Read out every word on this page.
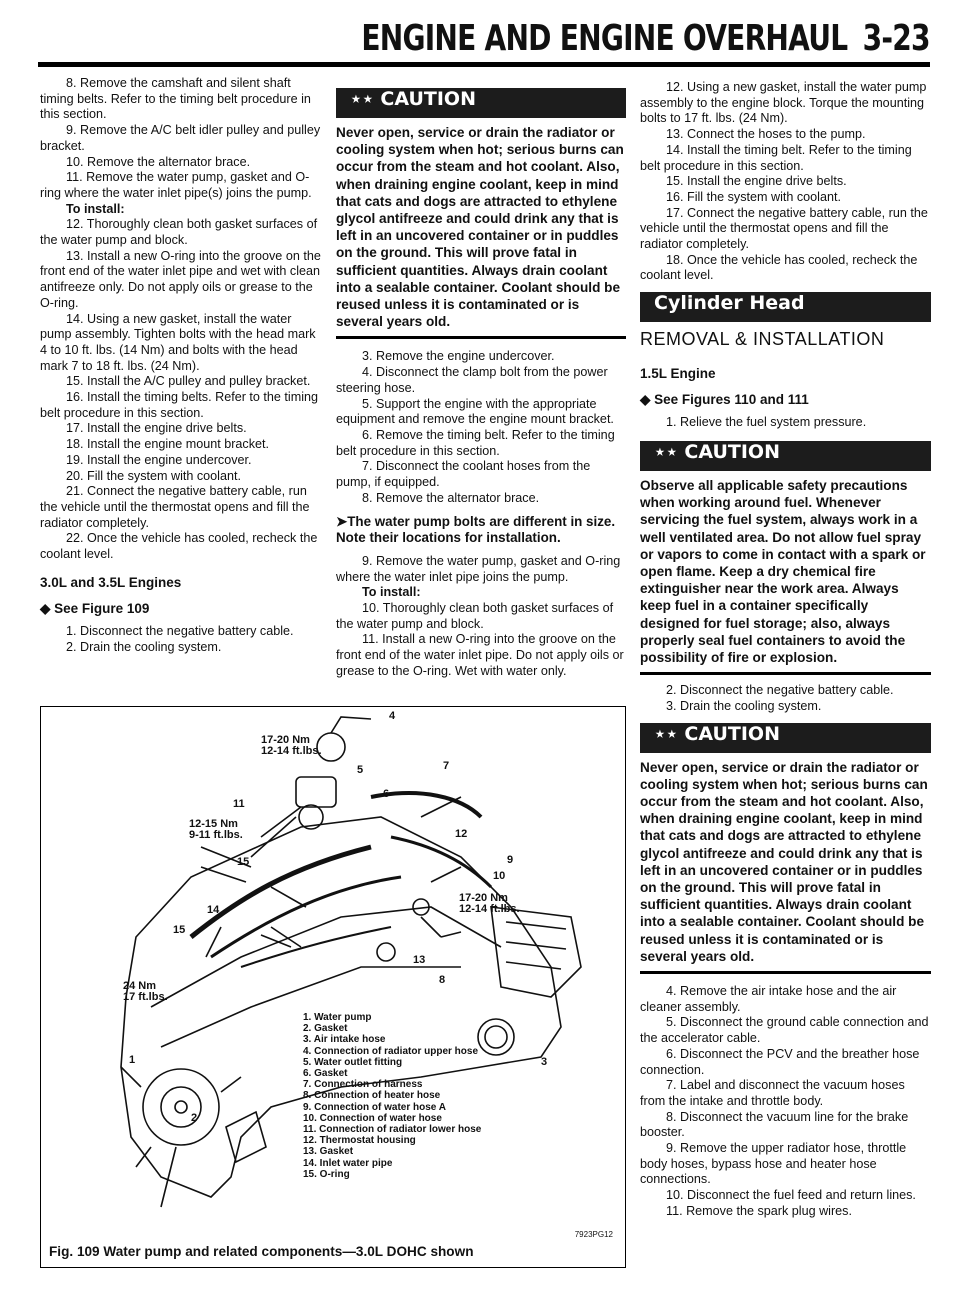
ENGINE AND ENGINE OVERHAUL 3-23

8. Remove the camshaft and silent shaft timing belts. Refer to the timing belt procedure in this section.

9. Remove the A/C belt idler pulley and pulley bracket.

10. Remove the alternator brace.

11. Remove the water pump, gasket and O-ring where the water inlet pipe(s) joins the pump.

To install:

12. Thoroughly clean both gasket surfaces of the water pump and block.

13. Install a new O-ring into the groove on the front end of the water inlet pipe and wet with clean antifreeze only. Do not apply oils or grease to the O-ring.

14. Using a new gasket, install the water pump assembly. Tighten bolts with the head mark 4 to 10 ft. lbs. (14 Nm) and bolts with the head mark 7 to 18 ft. lbs. (24 Nm).

15. Install the A/C pulley and pulley bracket.

16. Install the timing belts. Refer to the timing belt procedure in this section.

17. Install the engine drive belts.

18. Install the engine mount bracket.

19. Install the engine undercover.

20. Fill the system with coolant.

21. Connect the negative battery cable, run the vehicle until the thermostat opens and fill the radiator completely.

22. Once the vehicle has cooled, recheck the coolant level.

3.0L and 3.5L Engines

◆ See Figure 109

1. Disconnect the negative battery cable.

2. Drain the cooling system.

⋆⋆ CAUTION

Never open, service or drain the radiator or cooling system when hot; serious burns can occur from the steam and hot coolant. Also, when draining engine coolant, keep in mind that cats and dogs are attracted to ethylene glycol antifreeze and could drink any that is left in an uncovered container or in puddles on the ground. This will prove fatal in sufficient quantities. Always drain coolant into a sealable container. Coolant should be reused unless it is contaminated or is several years old.

3. Remove the engine undercover.

4. Disconnect the clamp bolt from the power steering hose.

5. Support the engine with the appropriate equipment and remove the engine mount bracket.

6. Remove the timing belt. Refer to the timing belt procedure in this section.

7. Disconnect the coolant hoses from the pump, if equipped.

8. Remove the alternator brace.

➤The water pump bolts are different in size. Note their locations for installation.

9. Remove the water pump, gasket and O-ring where the water inlet pipe joins the pump.

To install:

10. Thoroughly clean both gasket surfaces of the water pump and block.

11. Install a new O-ring into the groove on the front end of the water inlet pipe. Do not apply oils or grease to the O-ring. Wet with water only.

12. Using a new gasket, install the water pump assembly to the engine block. Torque the mounting bolts to 17 ft. lbs. (24 Nm).

13. Connect the hoses to the pump.

14. Install the timing belt. Refer to the timing belt procedure in this section.

15. Install the engine drive belts.

16. Fill the system with coolant.

17. Connect the negative battery cable, run the vehicle until the thermostat opens and fill the radiator completely.

18. Once the vehicle has cooled, recheck the coolant level.

Cylinder Head

REMOVAL & INSTALLATION

1.5L Engine

◆ See Figures 110 and 111

1. Relieve the fuel system pressure.

⋆⋆ CAUTION

Observe all applicable safety precautions when working around fuel. Whenever servicing the fuel system, always work in a well ventilated area. Do not allow fuel spray or vapors to come in contact with a spark or open flame. Keep a dry chemical fire extinguisher near the work area. Always keep fuel in a container specifically designed for fuel storage; also, always properly seal fuel containers to avoid the possibility of fire or explosion.

2. Disconnect the negative battery cable.

3. Drain the cooling system.

⋆⋆ CAUTION

Never open, service or drain the radiator or cooling system when hot; serious burns can occur from the steam and hot coolant. Also, when draining engine coolant, keep in mind that cats and dogs are attracted to ethylene glycol antifreeze and could drink any that is left in an uncovered container or in puddles on the ground. This will prove fatal in sufficient quantities. Always drain coolant into a sealable container. Coolant should be reused unless it is contaminated or is several years old.

4. Remove the air intake hose and the air cleaner assembly.

5. Disconnect the ground cable connection and the accelerator cable.

6. Disconnect the PCV and the breather hose connection.

7. Label and disconnect the vacuum hoses from the intake and throttle body.

8. Disconnect the vacuum line for the brake booster.

9. Remove the upper radiator hose, throttle body hoses, bypass hose and heater hose connections.

10. Disconnect the fuel feed and return lines.

11. Remove the spark plug wires.

17-20 Nm
12-14 ft.lbs.
12-15 Nm
9-11 ft.lbs.
24 Nm
17 ft.lbs.
17-20 Nm
12-14 ft.lbs.
1
2
3
4
5
6
7
8
9
10
11
12
13
14
15
15
7923PG12
Fig. 109 Water pump and related components—3.0L DOHC shown
1. Water pump
2. Gasket
3. Air intake hose
4. Connection of radiator upper hose
5. Water outlet fitting
6. Gasket
7. Connection of harness
8. Connection of heater hose
9. Connection of water hose A
10. Connection of water hose
11. Connection of radiator lower hose
12. Thermostat housing
13. Gasket
14. Inlet water pipe
15. O-ring
